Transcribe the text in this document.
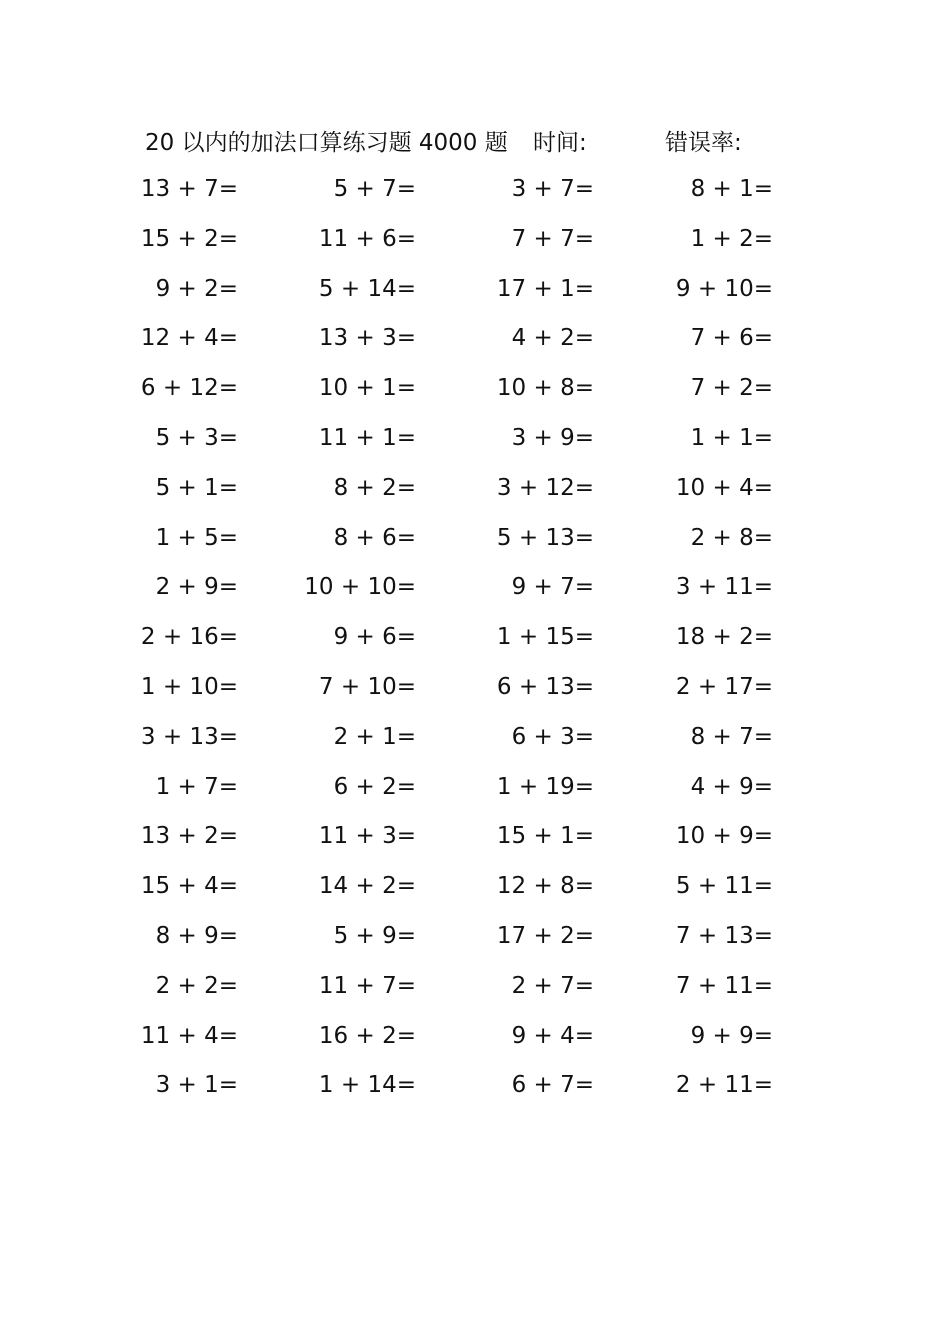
20 以内的加法口算练习题 4000 题 时间:	错误率:
13 + 7=	5 + 7=	3 + 7=	8 + 1=
15 + 2=	11 + 6=	7 + 7=	1 + 2=
9 + 2=	5 + 14=	17 + 1=	9 + 10=
12 + 4=	13 + 3=	4 + 2=	7 + 6=
6 + 12=	10 + 1=	10 + 8=	7 + 2=
5 + 3=	11 + 1=	3 + 9=	1 + 1=
5 + 1=	8 + 2=	3 + 12=	10 + 4=
1 + 5=	8 + 6=	5 + 13=	2 + 8=
2 + 9=	10 + 10=	9 + 7=	3 + 11=
2 + 16=	9 + 6=	1 + 15=	18 + 2=
1 + 10=	7 + 10=	6 + 13=	2 + 17=
3 + 13=	2 + 1=	6 + 3=	8 + 7=
1 + 7=	6 + 2=	1 + 19=	4 + 9=
13 + 2=	11 + 3=	15 + 1=	10 + 9=
15 + 4=	14 + 2=	12 + 8=	5 + 11=
8 + 9=	5 + 9=	17 + 2=	7 + 13=
2 + 2=	11 + 7=	2 + 7=	7 + 11=
11 + 4=	16 + 2=	9 + 4=	9 + 9=
3 + 1=	1 + 14=	6 + 7=	2 + 11=
